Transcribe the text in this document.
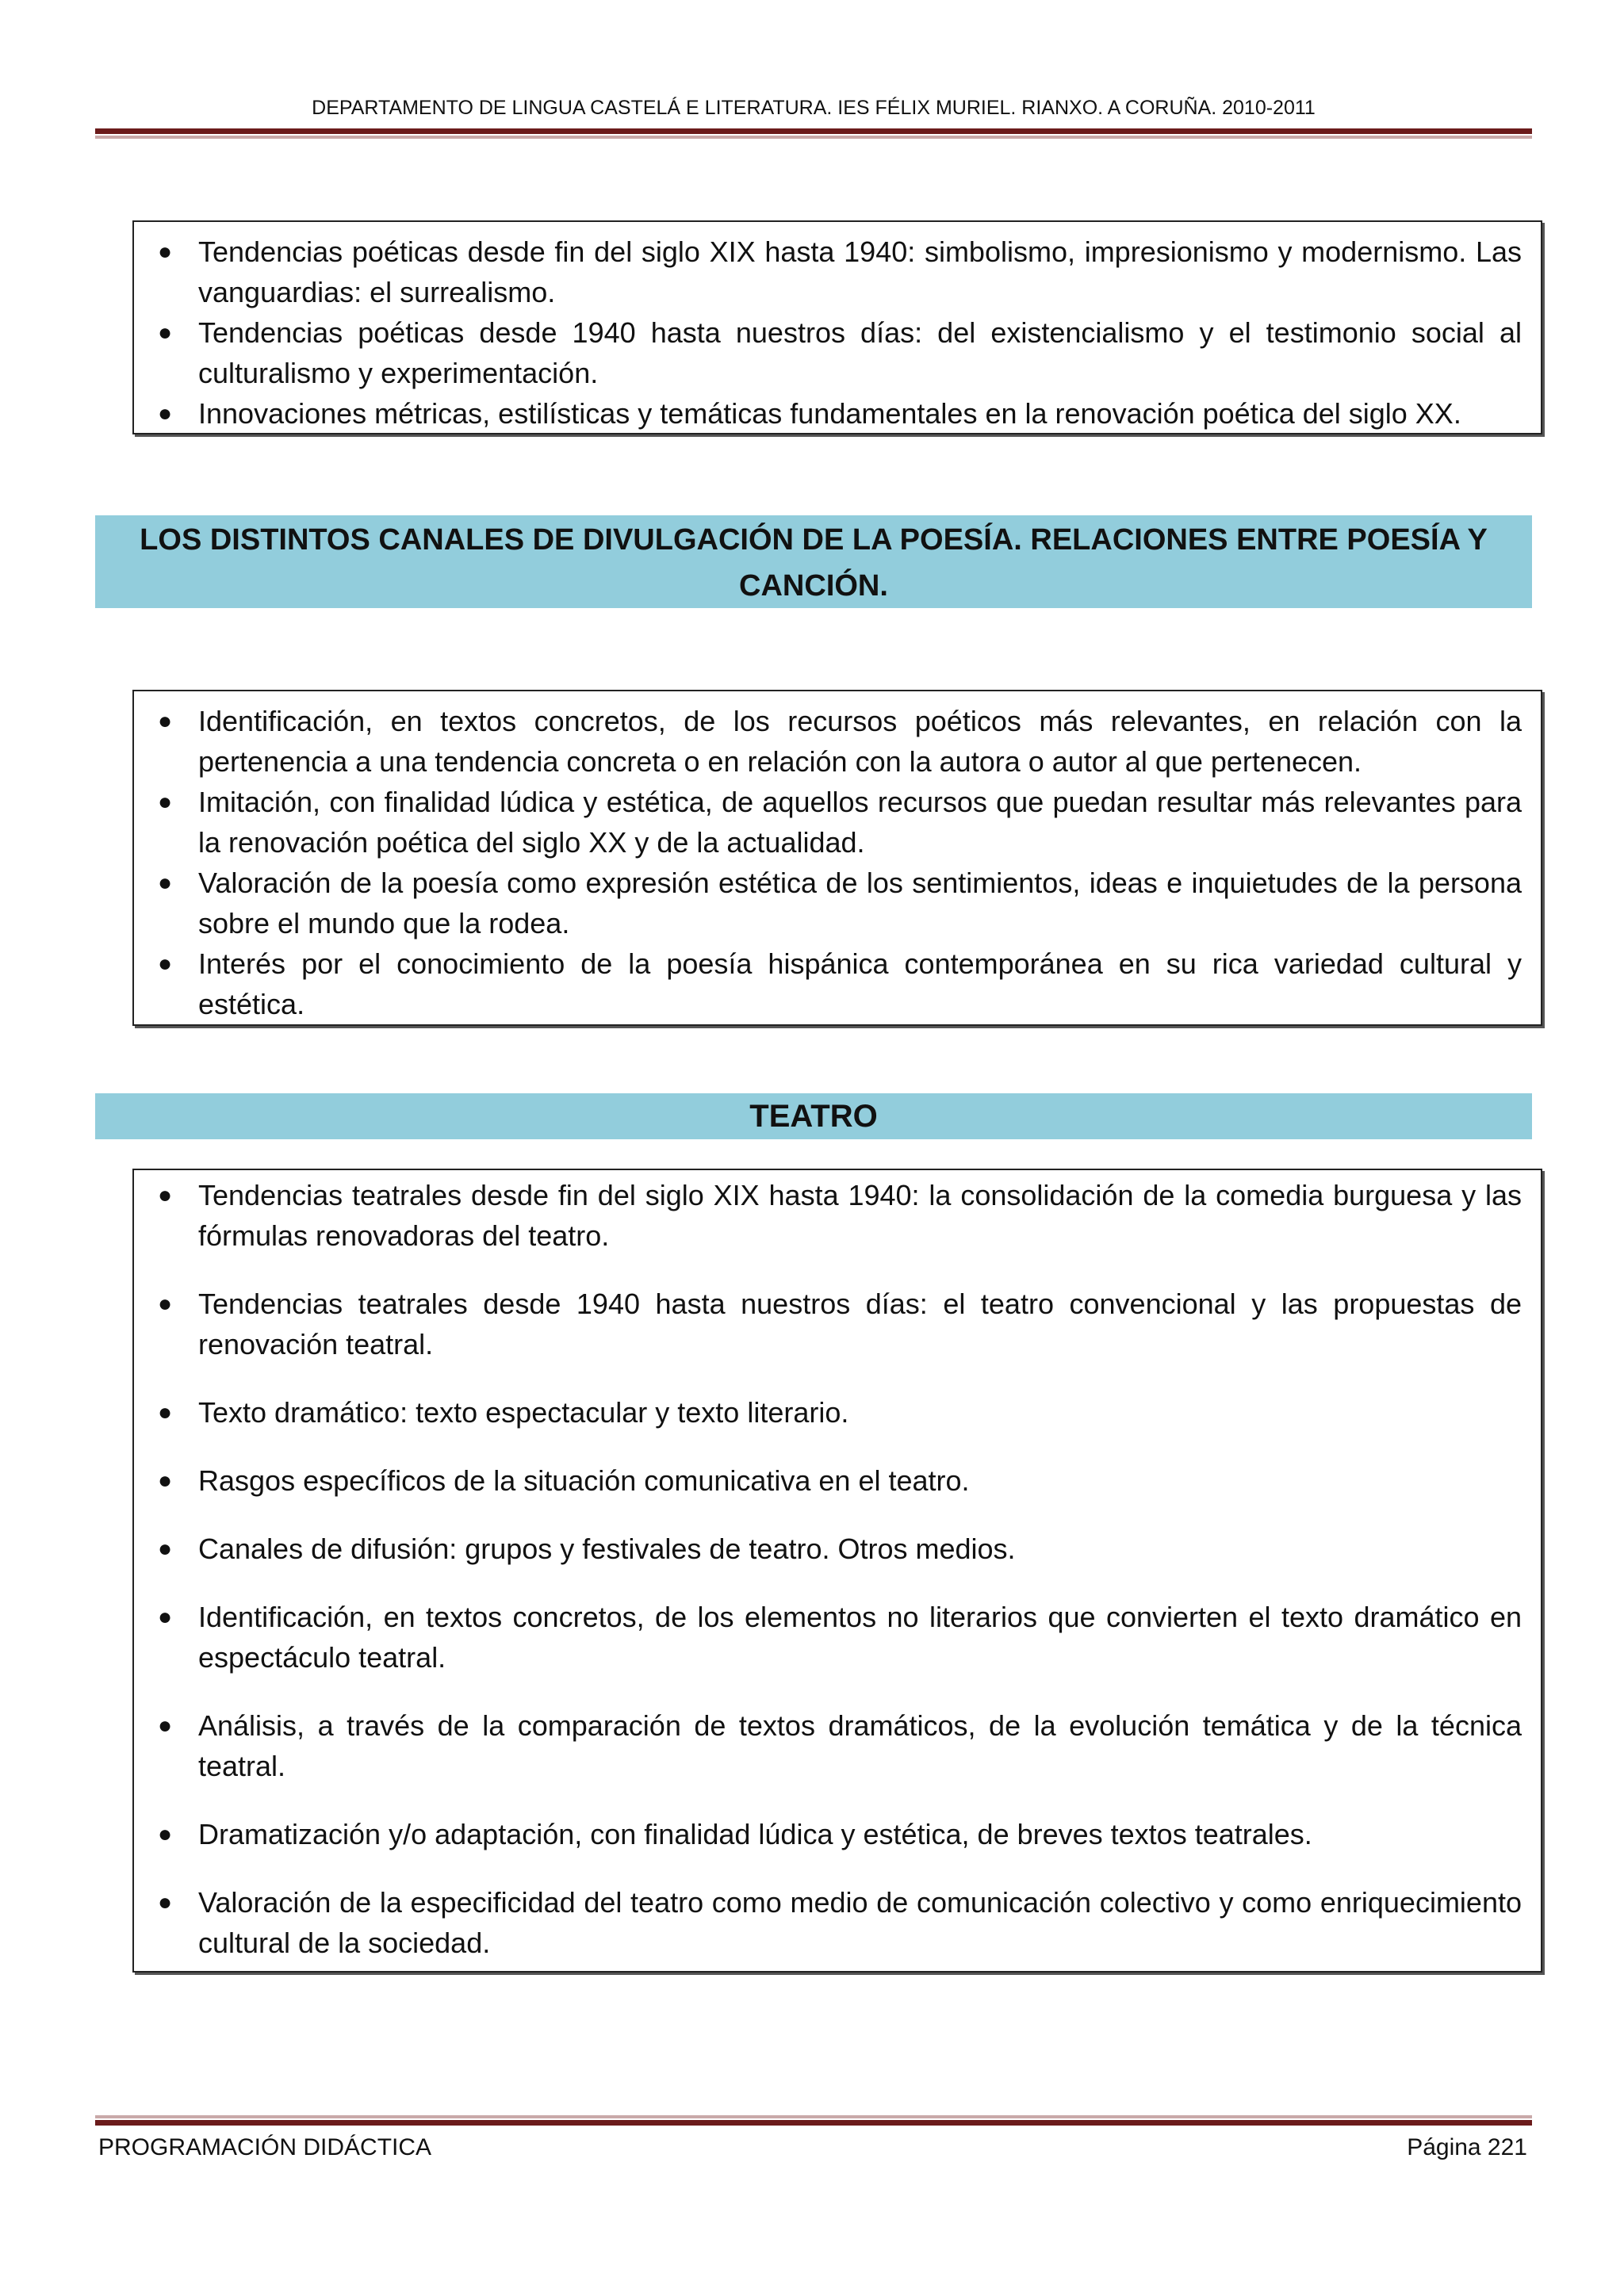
DEPARTAMENTO DE LINGUA CASTELÁ E LITERATURA. IES FÉLIX MURIEL. RIANXO. A CORUÑA. 2010-2011
● Tendencias poéticas desde fin del siglo XIX hasta 1940: simbolismo, impresionismo y modernismo. Las vanguardias: el surrealismo.
● Tendencias poéticas desde 1940 hasta nuestros días: del existencialismo y el testimonio social al culturalismo y experimentación.
● Innovaciones métricas, estilísticas y temáticas fundamentales en la renovación poética del siglo XX.
LOS DISTINTOS CANALES DE DIVULGACIÓN DE LA POESÍA. RELACIONES ENTRE POESÍA Y CANCIÓN.
● Identificación, en textos concretos, de los recursos poéticos más relevantes, en relación con la pertenencia a una tendencia concreta o en relación con la autora o autor al que pertenecen.
● Imitación, con finalidad lúdica y estética, de aquellos recursos que puedan resultar más relevantes para la renovación poética del siglo XX y de la actualidad.
● Valoración de la poesía como expresión estética de los sentimientos, ideas e inquietudes de la persona sobre el mundo que la rodea.
● Interés por el conocimiento de la poesía hispánica contemporánea en su rica variedad cultural y estética.
TEATRO
● Tendencias teatrales desde fin del siglo XIX hasta 1940: la consolidación de la comedia burguesa y las fórmulas renovadoras del teatro.
● Tendencias teatrales desde 1940 hasta nuestros días: el teatro convencional y las propuestas de renovación teatral.
● Texto dramático: texto espectacular y texto literario.
● Rasgos específicos de la situación comunicativa en el teatro.
● Canales de difusión: grupos y festivales de teatro. Otros medios.
● Identificación, en textos concretos, de los elementos no literarios que convierten el texto dramático en espectáculo teatral.
● Análisis, a través de la comparación de textos dramáticos, de la evolución temática y de la técnica teatral.
● Dramatización y/o adaptación, con finalidad lúdica y estética, de breves textos teatrales.
● Valoración de la especificidad del teatro como medio de comunicación colectivo y como enriquecimiento cultural de la sociedad.
PROGRAMACIÓN DIDÁCTICA	Página 221
